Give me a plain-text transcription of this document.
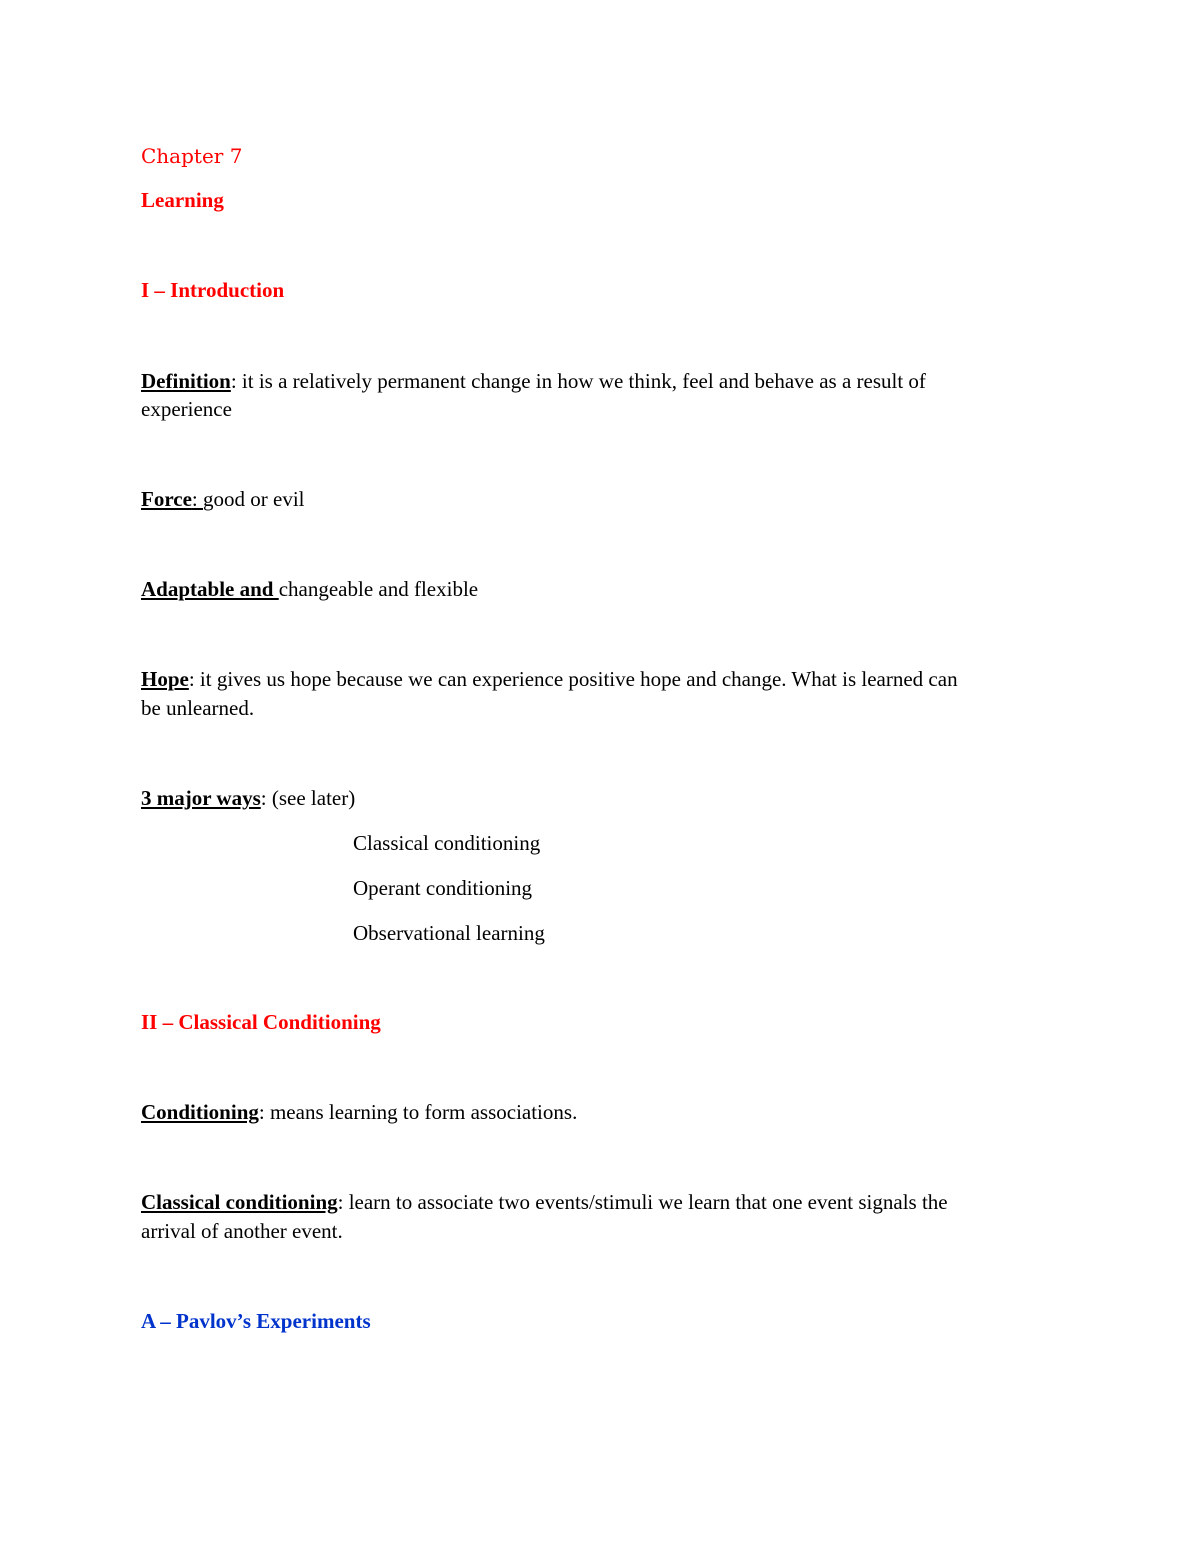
Chapter 7
Learning
I – Introduction
Definition: it is a relatively permanent change in how we think, feel and behave as a result of
experience
Force: good or evil
Adaptable and changeable and flexible
Hope: it gives us hope because we can experience positive hope and change. What is learned can
be unlearned.
3 major ways: (see later)
Classical conditioning
Operant conditioning
Observational learning
II – Classical Conditioning
Conditioning: means learning to form associations.
Classical conditioning: learn to associate two events/stimuli we learn that one event signals the
arrival of another event.
A – Pavlov’s Experiments
